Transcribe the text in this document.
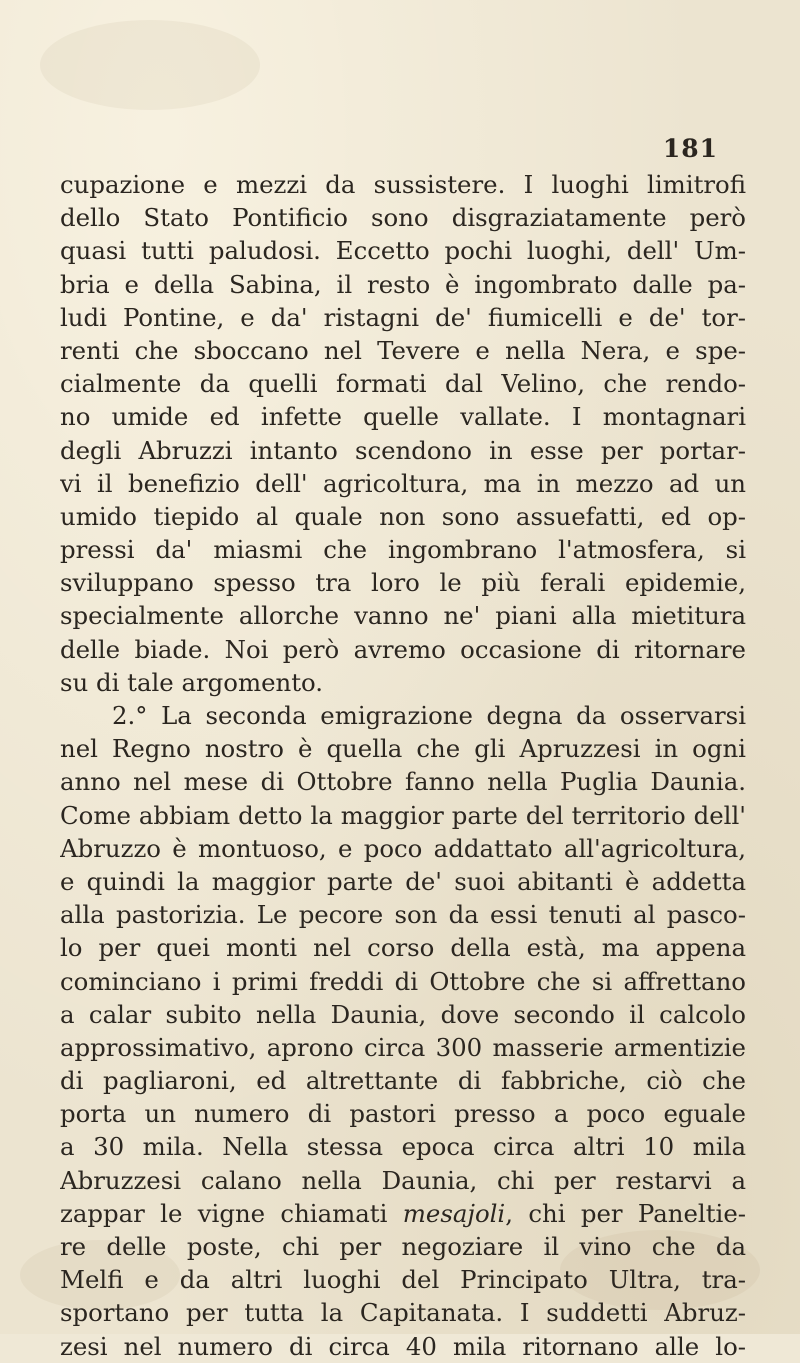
181
cupazione e mezzi da sussistere. I luoghi limitrofi
dello Stato Pontificio sono disgraziatamente però
quasi tutti paludosi. Eccetto pochi luoghi, dell' Um-
bria e della Sabina, il resto è ingombrato dalle pa-
ludi Pontine, e da' ristagni de' fiumicelli e de' tor-
renti che sboccano nel Tevere e nella Nera, e spe-
cialmente da quelli formati dal Velino, che rendo-
no umide ed infette quelle vallate. I montagnari
degli Abruzzi intanto scendono in esse per portar-
vi il benefizio dell' agricoltura, ma in mezzo ad un
umido tiepido al quale non sono assuefatti, ed op-
pressi da' miasmi che ingombrano l'atmosfera, si
sviluppano spesso tra loro le più ferali epidemie,
specialmente allorche vanno ne' piani alla mietitura
delle biade. Noi però avremo occasione di ritornare
su di tale argomento.
2.° La seconda emigrazione degna da osservarsi
nel Regno nostro è quella che gli Apruzzesi in ogni
anno nel mese di Ottobre fanno nella Puglia Daunia.
Come abbiam detto la maggior parte del territorio dell'
Abruzzo è montuoso, e poco addattato all'agricoltura,
e quindi la maggior parte de' suoi abitanti è addetta
alla pastorizia. Le pecore son da essi tenuti al pasco-
lo per quei monti nel corso della està, ma appena
cominciano i primi freddi di Ottobre che si affrettano
a calar subito nella Daunia, dove secondo il calcolo
approssimativo, aprono circa 300 masserie armentizie
di pagliaroni, ed altrettante di fabbriche, ciò che
porta un numero di pastori presso a poco eguale
a 30 mila. Nella stessa epoca circa altri 10 mila
Abruzzesi calano nella Daunia, chi per restarvi a
zappar le vigne chiamati mesajoli, chi per Paneltie-
re delle poste, chi per negoziare il vino che da
Melfi e da altri luoghi del Principato Ultra, tra-
sportano per tutta la Capitanata. I suddetti Abruz-
zesi nel numero di circa 40 mila ritornano alle lo-
